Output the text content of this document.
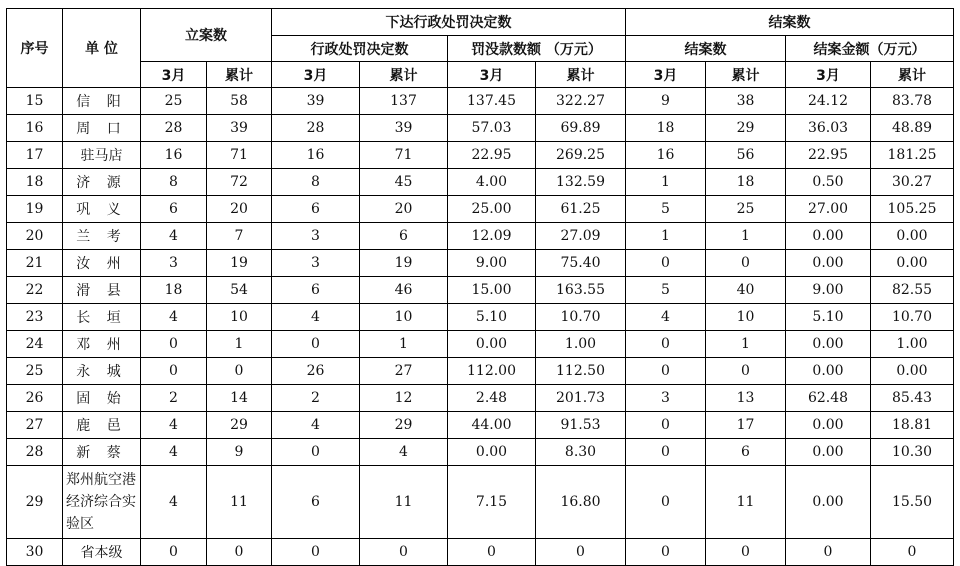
序号	单 位	立案数		下达行政处罚决定数				结案数			
				行政处罚决定数		罚没款数额 （万元）		结案数		结案金额（万元）	
		3月	累计	3月	累计	3月	累计	3月	累计	3月	累计
15	信 阳	25	58	39	137	137.45	322.27	9	38	24.12	83.78
16	周 口	28	39	28	39	57.03	69.89	18	29	36.03	48.89
17	驻马店	16	71	16	71	22.95	269.25	16	56	22.95	181.25
18	济 源	8	72	8	45	4.00	132.59	1	18	0.50	30.27
19	巩 义	6	20	6	20	25.00	61.25	5	25	27.00	105.25
20	兰 考	4	7	3	6	12.09	27.09	1	1	0.00	0.00
21	汝 州	3	19	3	19	9.00	75.40	0	0	0.00	0.00
22	滑 县	18	54	6	46	15.00	163.55	5	40	9.00	82.55
23	长 垣	4	10	4	10	5.10	10.70	4	10	5.10	10.70
24	邓 州	0	1	0	1	0.00	1.00	0	1	0.00	1.00
25	永 城	0	0	26	27	112.00	112.50	0	0	0.00	0.00
26	固 始	2	14	2	12	2.48	201.73	3	13	62.48	85.43
27	鹿 邑	4	29	4	29	44.00	91.53	0	17	0.00	18.81
28	新 蔡	4	9	0	4	0.00	8.30	0	6	0.00	10.30
29	郑州航空港经济综合实验区	4	11	6	11	7.15	16.80	0	11	0.00	15.50
30	省本级	0	0	0	0	0	0	0	0	0	0
